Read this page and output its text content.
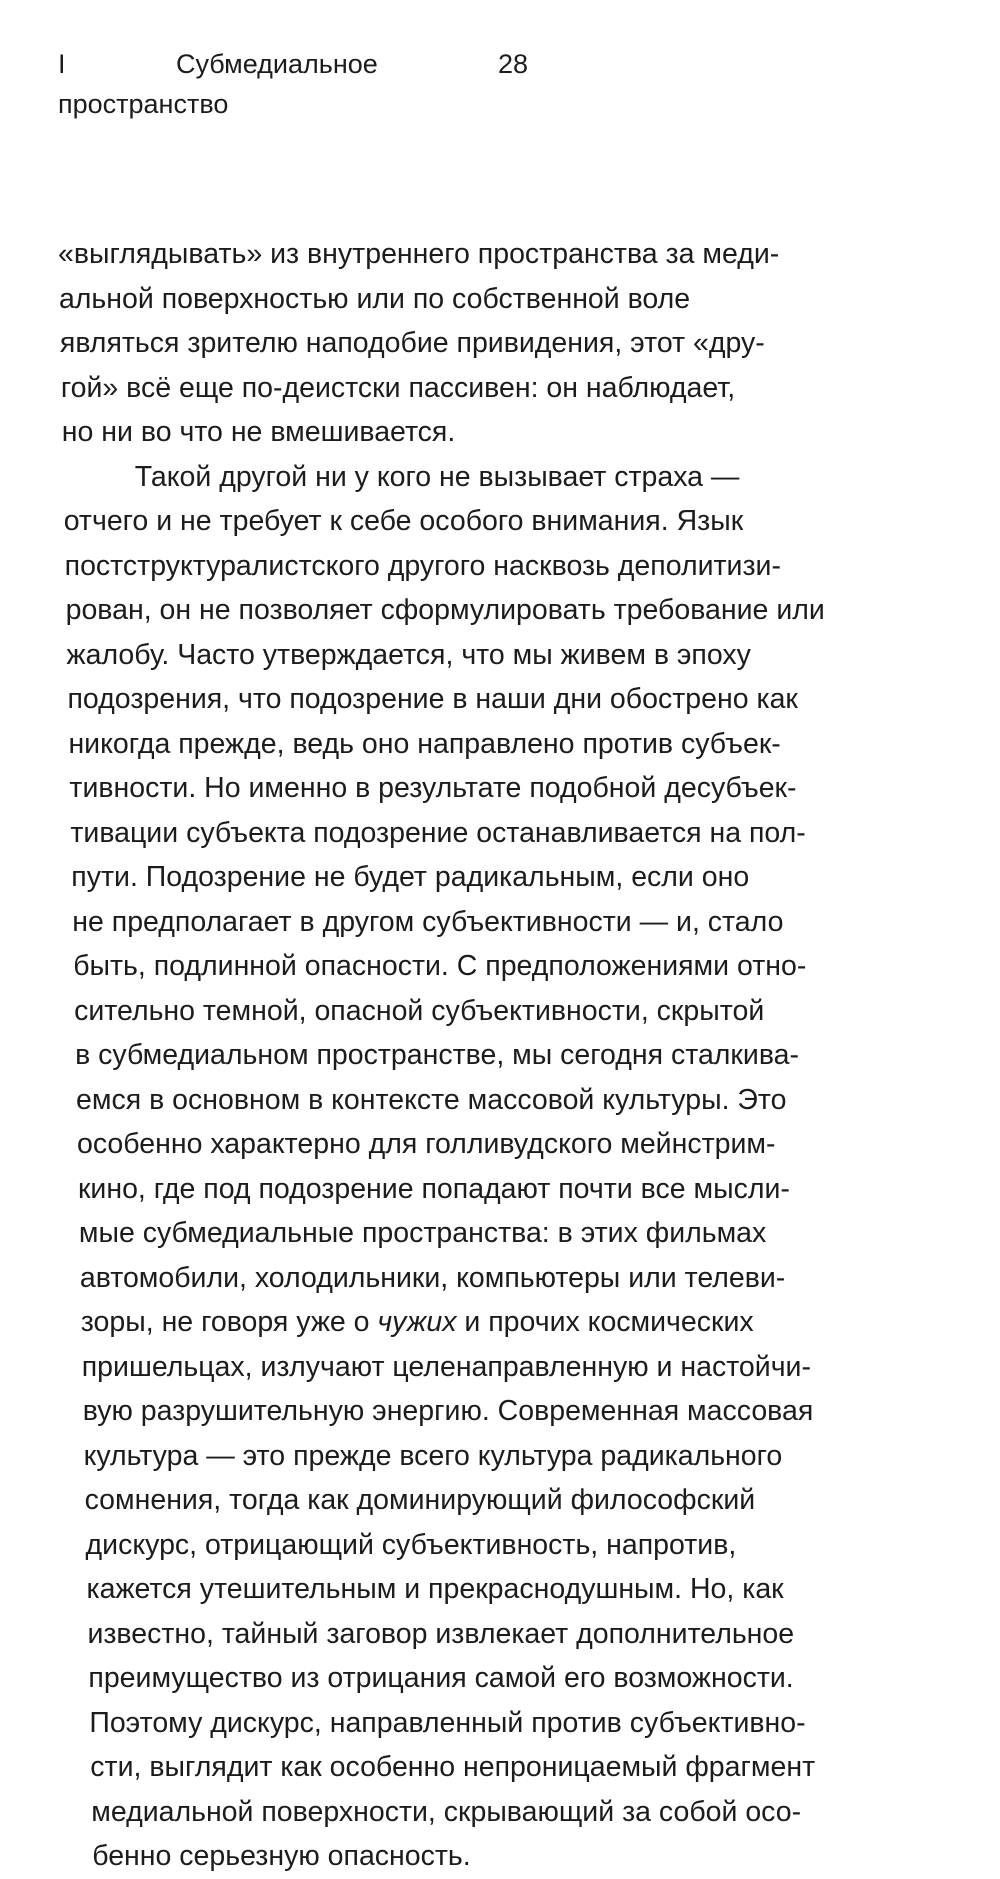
I	Субмедиальное пространство
28
«выглядывать» из внутреннего пространства за меди-
альной поверхностью или по собственной воле
являться зрителю наподобие привидения, этот «дру-
гой» всё еще по-деистски пассивен: он наблюдает,
но ни во что не вмешивается.
Такой другой ни у кого не вызывает страха —
отчего и не требует к себе особого внимания. Язык
постструктуралистского другого насквозь деполитизи-
рован, он не позволяет сформулировать требование или
жалобу. Часто утверждается, что мы живем в эпоху
подозрения, что подозрение в наши дни обострено как
никогда прежде, ведь оно направлено против субъек-
тивности. Но именно в результате подобной десубъек-
тивации субъекта подозрение останавливается на пол-
пути. Подозрение не будет радикальным, если оно
не предполагает в другом субъективности — и, стало
быть, подлинной опасности. С предположениями отно-
сительно темной, опасной субъективности, скрытой
в субмедиальном пространстве, мы сегодня сталкива-
емся в основном в контексте массовой культуры. Это
особенно характерно для голливудского мейнстрим-
кино, где под подозрение попадают почти все мысли-
мые субмедиальные пространства: в этих фильмах
автомобили, холодильники, компьютеры или телеви-
зоры, не говоря уже о чужих и прочих космических
пришельцах, излучают целенаправленную и настойчи-
вую разрушительную энергию. Современная массовая
культура — это прежде всего культура радикального
сомнения, тогда как доминирующий философский
дискурс, отрицающий субъективность, напротив,
кажется утешительным и прекраснодушным. Но, как
известно, тайный заговор извлекает дополнительное
преимущество из отрицания самой его возможности.
Поэтому дискурс, направленный против субъективно-
сти, выглядит как особенно непроницаемый фрагмент
медиальной поверхности, скрывающий за собой осо-
бенно серьезную опасность.
